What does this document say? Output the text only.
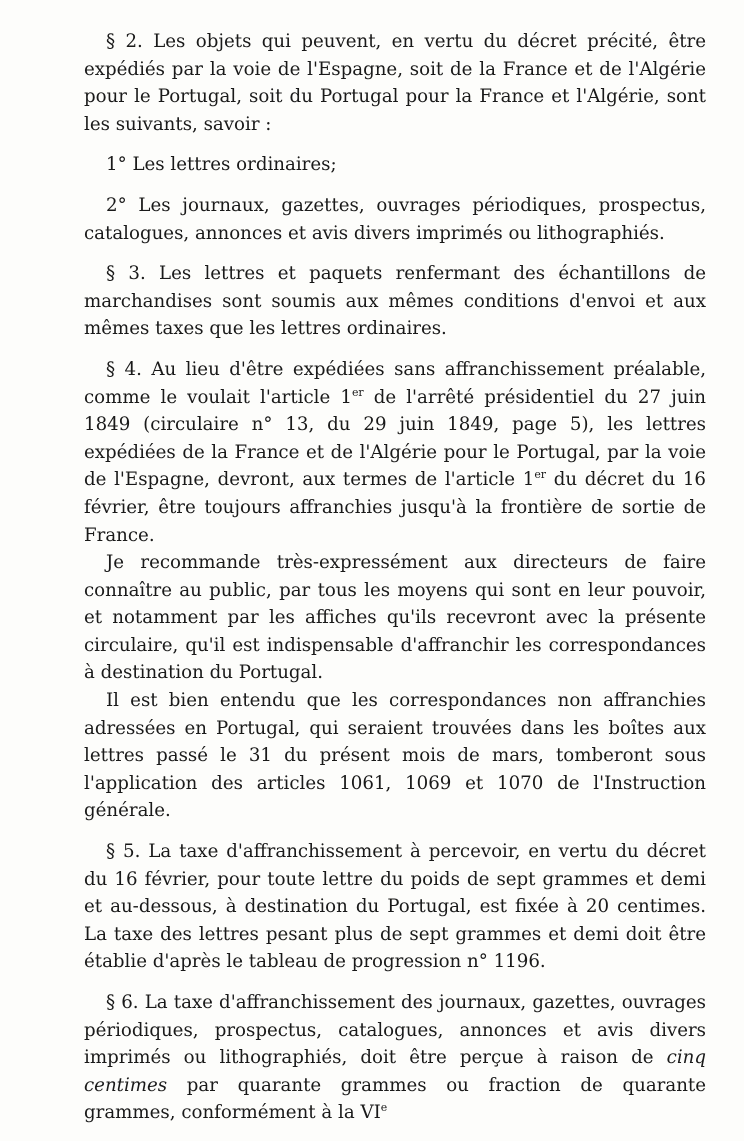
§ 2. Les objets qui peuvent, en vertu du décret précité, être expédiés par la voie de l'Espagne, soit de la France et de l'Algérie pour le Portugal, soit du Portugal pour la France et l'Algérie, sont les suivants, savoir :

1° Les lettres ordinaires;

2° Les journaux, gazettes, ouvrages périodiques, prospectus, catalogues, annonces et avis divers imprimés ou lithographiés.

§ 3. Les lettres et paquets renfermant des échantillons de marchandises sont soumis aux mêmes conditions d'envoi et aux mêmes taxes que les lettres ordinaires.

§ 4. Au lieu d'être expédiées sans affranchissement préalable, comme le voulait l'article 1er de l'arrêté présidentiel du 27 juin 1849 (circulaire n° 13, du 29 juin 1849, page 5), les lettres expédiées de la France et de l'Algérie pour le Portugal, par la voie de l'Espagne, devront, aux termes de l'article 1er du décret du 16 février, être toujours affranchies jusqu'à la frontière de sortie de France.

Je recommande très-expressément aux directeurs de faire connaître au public, par tous les moyens qui sont en leur pouvoir, et notamment par les affiches qu'ils recevront avec la présente circulaire, qu'il est indispensable d'affranchir les correspondances à destination du Portugal.

Il est bien entendu que les correspondances non affranchies adressées en Portugal, qui seraient trouvées dans les boîtes aux lettres passé le 31 du présent mois de mars, tomberont sous l'application des articles 1061, 1069 et 1070 de l'Instruction générale.

§ 5. La taxe d'affranchissement à percevoir, en vertu du décret du 16 février, pour toute lettre du poids de sept grammes et demi et au-dessous, à destination du Portugal, est fixée à 20 centimes. La taxe des lettres pesant plus de sept grammes et demi doit être établie d'après le tableau de progression n° 1196.

§ 6. La taxe d'affranchissement des journaux, gazettes, ouvrages périodiques, prospectus, catalogues, annonces et avis divers imprimés ou lithographiés, doit être perçue à raison de cinq centimes par quarante grammes ou fraction de quarante grammes, conformément à la VIe
